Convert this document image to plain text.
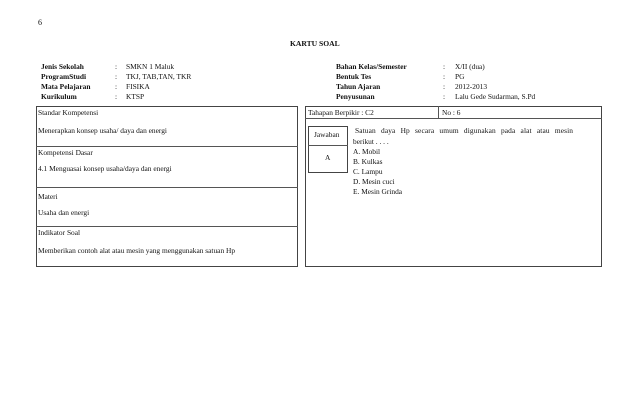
6
KARTU SOAL
Jenis Sekolah	: SMKN 1 Maluk
ProgramStudi	: TKJ, TAB,TAN, TKR
Mata Pelajaran	: FISIKA
Kurikulum	: KTSP
Bahan Kelas/Semester	: X/II (dua)
Bentuk Tes	: PG
Tahun Ajaran	: 2012-2013
Penyusunan	: Lalu Gede Sudarman, S.Pd
Standar Kompetensi
Menerapkan konsep usaha/ daya dan energi
Kompetensi Dasar
4.1 Menguasai konsep usaha/daya dan energi
Materi
Usaha dan energi
Indikator Soal
Memberikan contoh alat atau mesin yang menggunakan satuan Hp
Tahapan Berpikir : C2	No : 6
Jawaban
A
Satuan daya Hp secara umum digunakan pada alat atau mesin
berikut . . . .
A. Mobil
B. Kulkas
C. Lampu
D. Mesin cuci
E. Mesin Grinda
